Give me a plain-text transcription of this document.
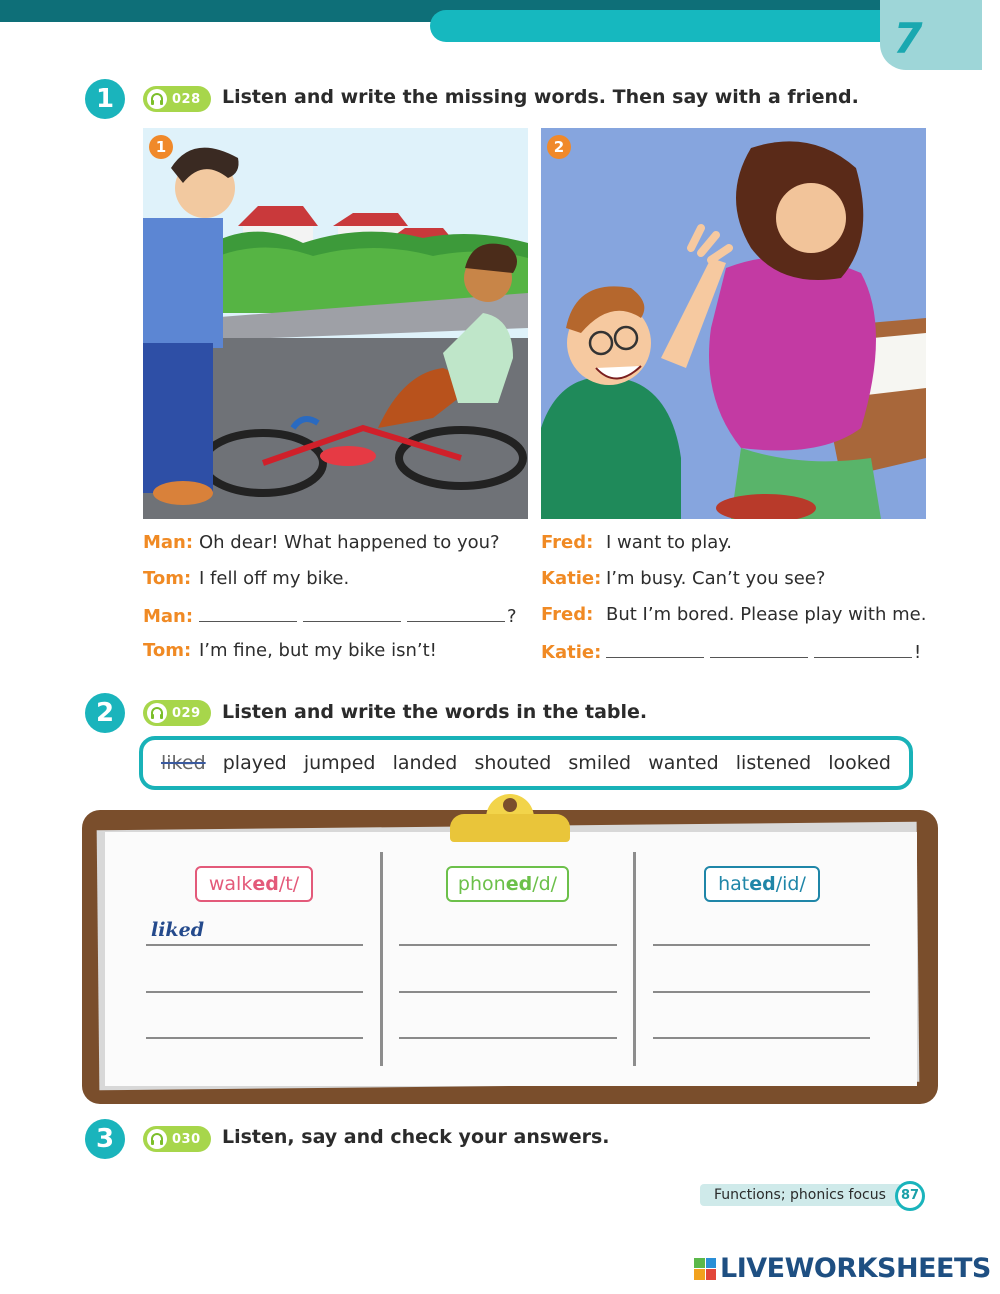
7
1	028 Listen and write the missing words. Then say with a friend.
1	2
Man: Oh dear! What happened to you?
Tom: I fell off my bike.
Man:	?
Tom: I’m fine, but my bike isn’t!
Fred: I want to play.
Katie: I’m busy. Can’t you see?
Fred: But I’m bored. Please play with me.
Katie:	!
2	029 Listen and write the words in the table.
liked played jumped landed shouted smiled wanted listened looked
walk ed /t/	phon ed /d/	hat ed /id/
liked
3	030 Listen, say and check your answers.
Functions; phonics focus	87
LIVEWORKSHEETS
